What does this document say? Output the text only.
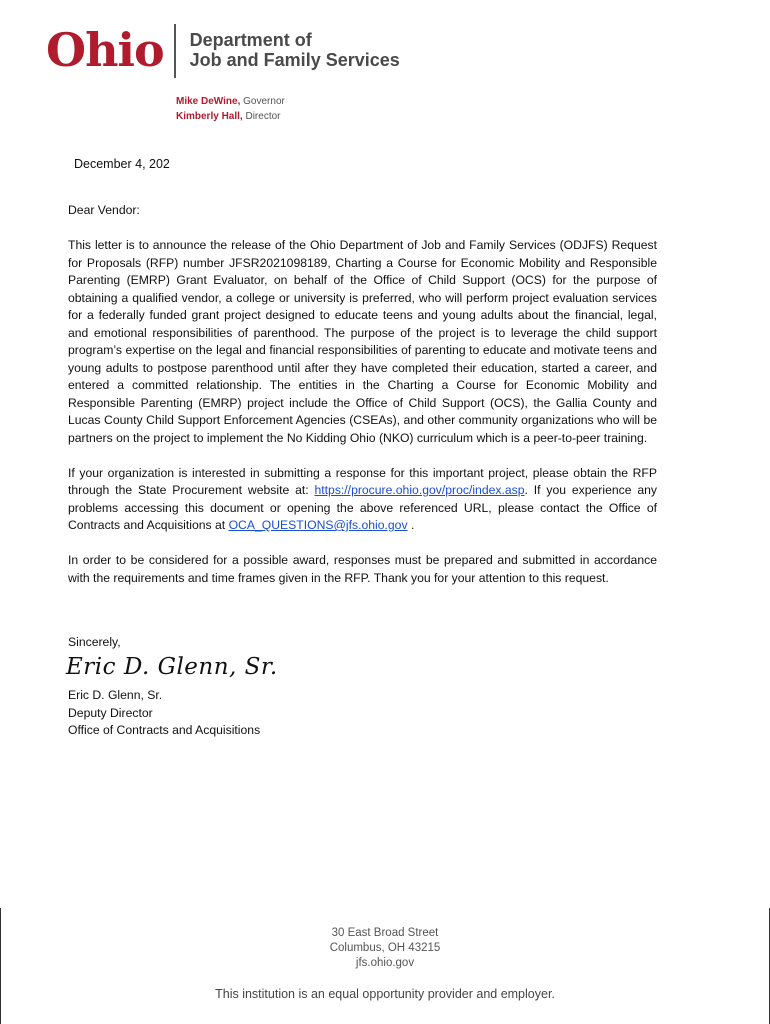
Ohio Department of
Job and Family Services
Mike DeWine, Governor
Kimberly Hall, Director
December 4, 202
Dear Vendor:

This letter is to announce the release of the Ohio Department of Job and Family Services (ODJFS) Request for Proposals (RFP) number JFSR2021098189, Charting a Course for Economic Mobility and Responsible Parenting (EMRP) Grant Evaluator, on behalf of the Office of Child Support (OCS) for the purpose of obtaining a qualified vendor, a college or university is preferred, who will perform project evaluation services for a federally funded grant project designed to educate teens and young adults about the financial, legal, and emotional responsibilities of parenthood. The purpose of the project is to leverage the child support program’s expertise on the legal and financial responsibilities of parenting to educate and motivate teens and young adults to postpose parenthood until after they have completed their education, started a career, and entered a committed relationship. The entities in the Charting a Course for Economic Mobility and Responsible Parenting (EMRP) project include the Office of Child Support (OCS), the Gallia County and Lucas County Child Support Enforcement Agencies (CSEAs), and other community organizations who will be partners on the project to implement the No Kidding Ohio (NKO) curriculum which is a peer-to-peer training.

If your organization is interested in submitting a response for this important project, please obtain the RFP through the State Procurement website at: https://procure.ohio.gov/proc/index.asp. If you experience any problems accessing this document or opening the above referenced URL, please contact the Office of Contracts and Acquisitions at OCA_QUESTIONS@jfs.ohio.gov .

In order to be considered for a possible award, responses must be prepared and submitted in accordance with the requirements and time frames given in the RFP. Thank you for your attention to this request.

Sincerely,
Eric D. Glenn, Sr.
Eric D. Glenn, Sr.
Deputy Director
Office of Contracts and Acquisitions
30 East Broad Street
Columbus, OH 43215
jfs.ohio.gov
This institution is an equal opportunity provider and employer.
